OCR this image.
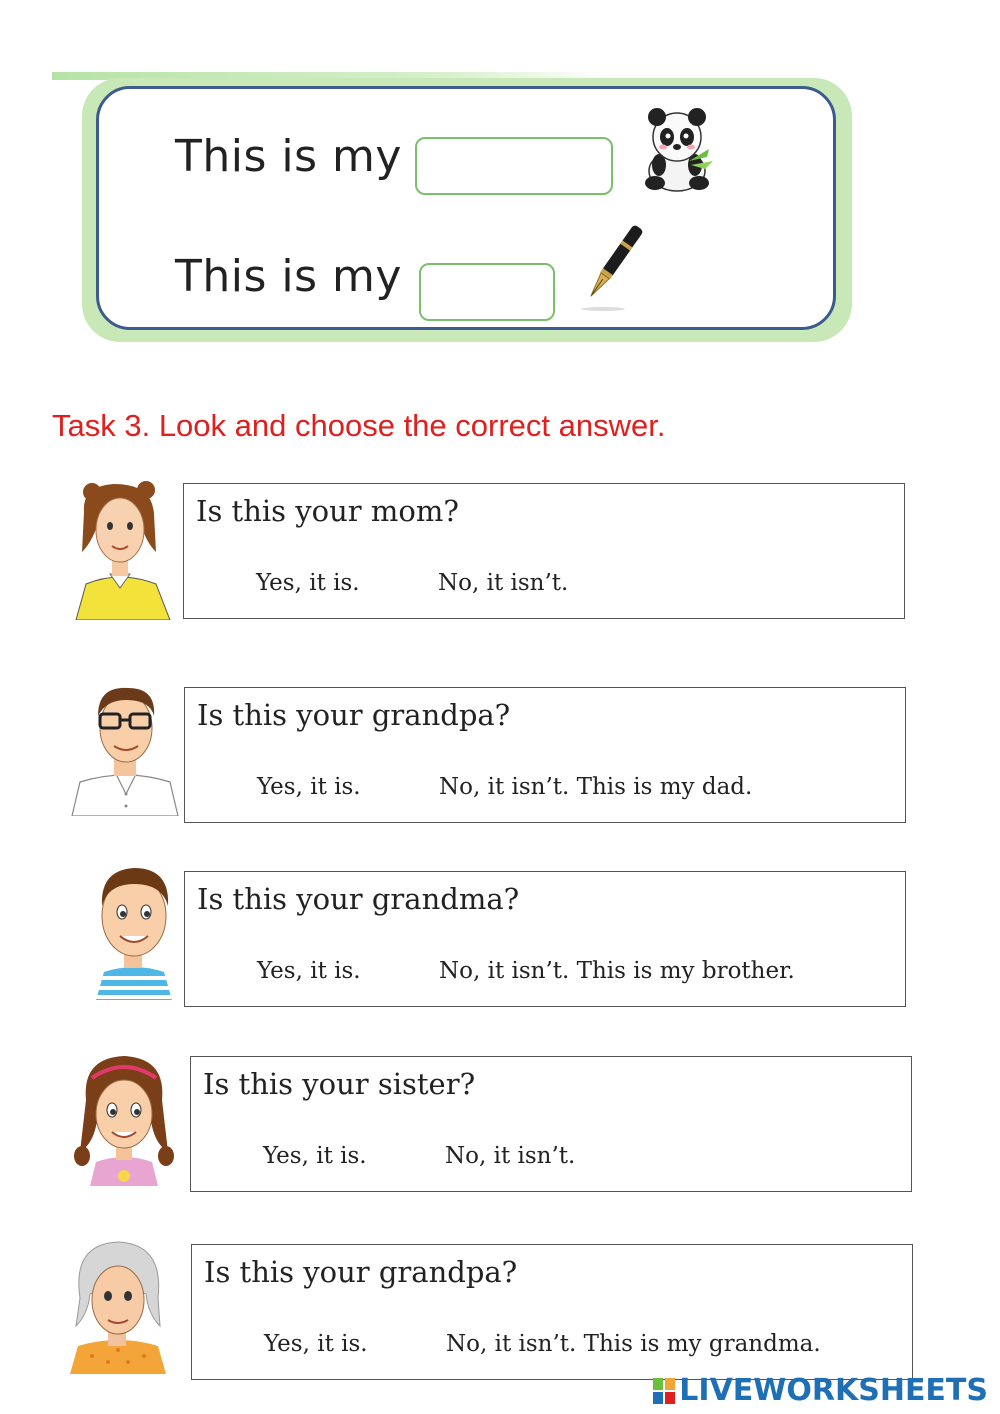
This is my
This is my
Task 3. Look and choose the correct answer.
Is this your mom?
Yes, it is.	No, it isn’t.
Is this your grandpa?
Yes, it is.	No, it isn’t. This is my dad.
Is this your grandma?
Yes, it is.	No, it isn’t. This is my brother.
Is this your sister?
Yes, it is.	No, it isn’t.
Is this your grandpa?
Yes, it is.	No, it isn’t. This is my grandma.
LIVEWORKSHEETS
